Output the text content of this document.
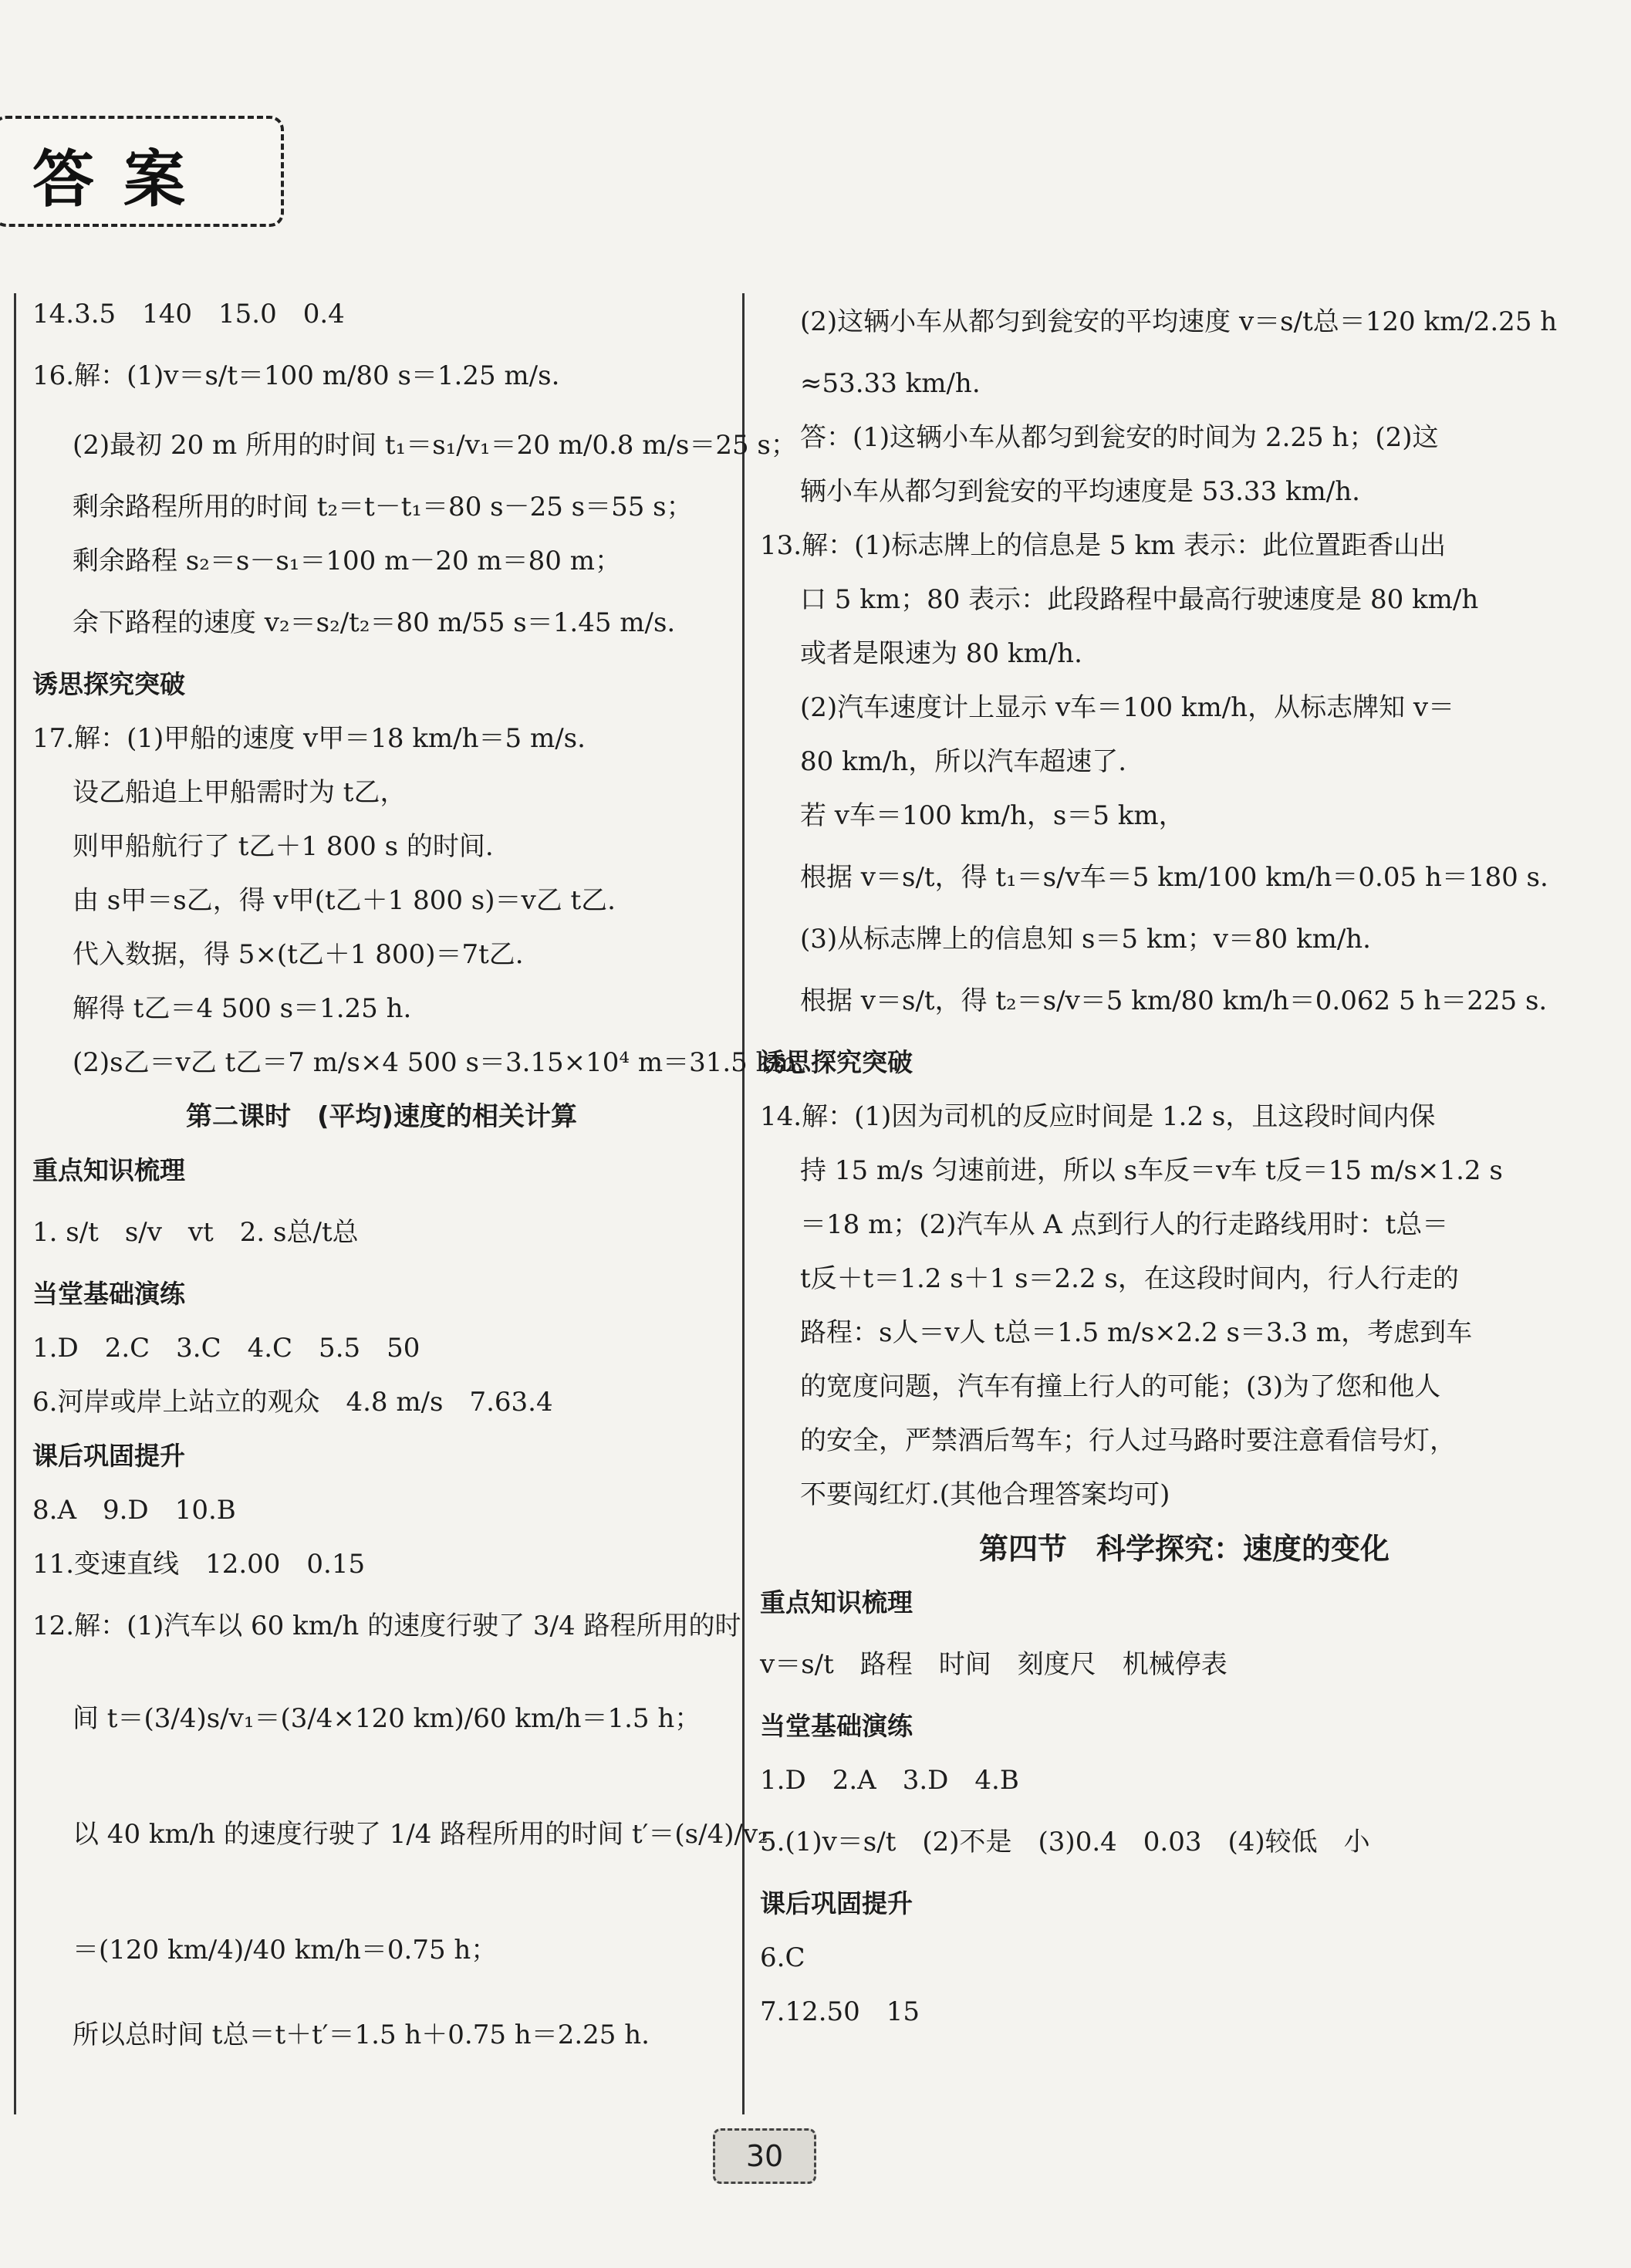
答案
14.3.5　140　15.0　0.4
16.解：(1)v＝s/t＝100 m/80 s＝1.25 m/s.
(2)最初 20 m 所用的时间 t₁＝s₁/v₁＝20 m/0.8 m/s＝25 s；
剩余路程所用的时间 t₂＝t－t₁＝80 s－25 s＝55 s；
剩余路程 s₂＝s－s₁＝100 m－20 m＝80 m；
余下路程的速度 v₂＝s₂/t₂＝80 m/55 s＝1.45 m/s.
诱思探究突破
17.解：(1)甲船的速度 v甲＝18 km/h＝5 m/s.
设乙船追上甲船需时为 t乙，
则甲船航行了 t乙＋1 800 s 的时间.
由 s甲＝s乙，得 v甲(t乙＋1 800 s)＝v乙 t乙.
代入数据，得 5×(t乙＋1 800)＝7t乙.
解得 t乙＝4 500 s＝1.25 h.
(2)s乙＝v乙 t乙＝7 m/s×4 500 s＝3.15×10⁴ m＝31.5 km.
第二课时　(平均)速度的相关计算
重点知识梳理
1. s/t　s/v　vt　2. s总/t总
当堂基础演练
1.D　2.C　3.C　4.C　5.5　50
6.河岸或岸上站立的观众　4.8 m/s　7.63.4
课后巩固提升
8.A　9.D　10.B
11.变速直线　12.00　0.15
12.解：(1)汽车以 60 km/h 的速度行驶了 3/4 路程所用的时
间 t＝(3/4)s/v₁＝(3/4×120 km)/60 km/h＝1.5 h；
以 40 km/h 的速度行驶了 1/4 路程所用的时间 t′＝(s/4)/v₂
＝(120 km/4)/40 km/h＝0.75 h；
所以总时间 t总＝t＋t′＝1.5 h＋0.75 h＝2.25 h.
(2)这辆小车从都匀到瓮安的平均速度 v＝s/t总＝120 km/2.25 h
≈53.33 km/h.
答：(1)这辆小车从都匀到瓮安的时间为 2.25 h；(2)这
辆小车从都匀到瓮安的平均速度是 53.33 km/h.
13.解：(1)标志牌上的信息是 5 km 表示：此位置距香山出
口 5 km；80 表示：此段路程中最高行驶速度是 80 km/h
或者是限速为 80 km/h.
(2)汽车速度计上显示 v车＝100 km/h，从标志牌知 v＝
80 km/h，所以汽车超速了.
若 v车＝100 km/h，s＝5 km，
根据 v＝s/t，得 t₁＝s/v车＝5 km/100 km/h＝0.05 h＝180 s.
(3)从标志牌上的信息知 s＝5 km；v＝80 km/h.
根据 v＝s/t，得 t₂＝s/v＝5 km/80 km/h＝0.062 5 h＝225 s.
诱思探究突破
14.解：(1)因为司机的反应时间是 1.2 s，且这段时间内保
持 15 m/s 匀速前进，所以 s车反＝v车 t反＝15 m/s×1.2 s
＝18 m；(2)汽车从 A 点到行人的行走路线用时：t总＝
t反＋t＝1.2 s＋1 s＝2.2 s，在这段时间内，行人行走的
路程：s人＝v人 t总＝1.5 m/s×2.2 s＝3.3 m，考虑到车
的宽度问题，汽车有撞上行人的可能；(3)为了您和他人
的安全，严禁酒后驾车；行人过马路时要注意看信号灯，
不要闯红灯.(其他合理答案均可)
第四节　科学探究：速度的变化
重点知识梳理
v＝s/t　路程　时间　刻度尺　机械停表
当堂基础演练
1.D　2.A　3.D　4.B
5.(1)v＝s/t　(2)不是　(3)0.4　0.03　(4)较低　小
课后巩固提升
6.C
7.12.50　15
30
